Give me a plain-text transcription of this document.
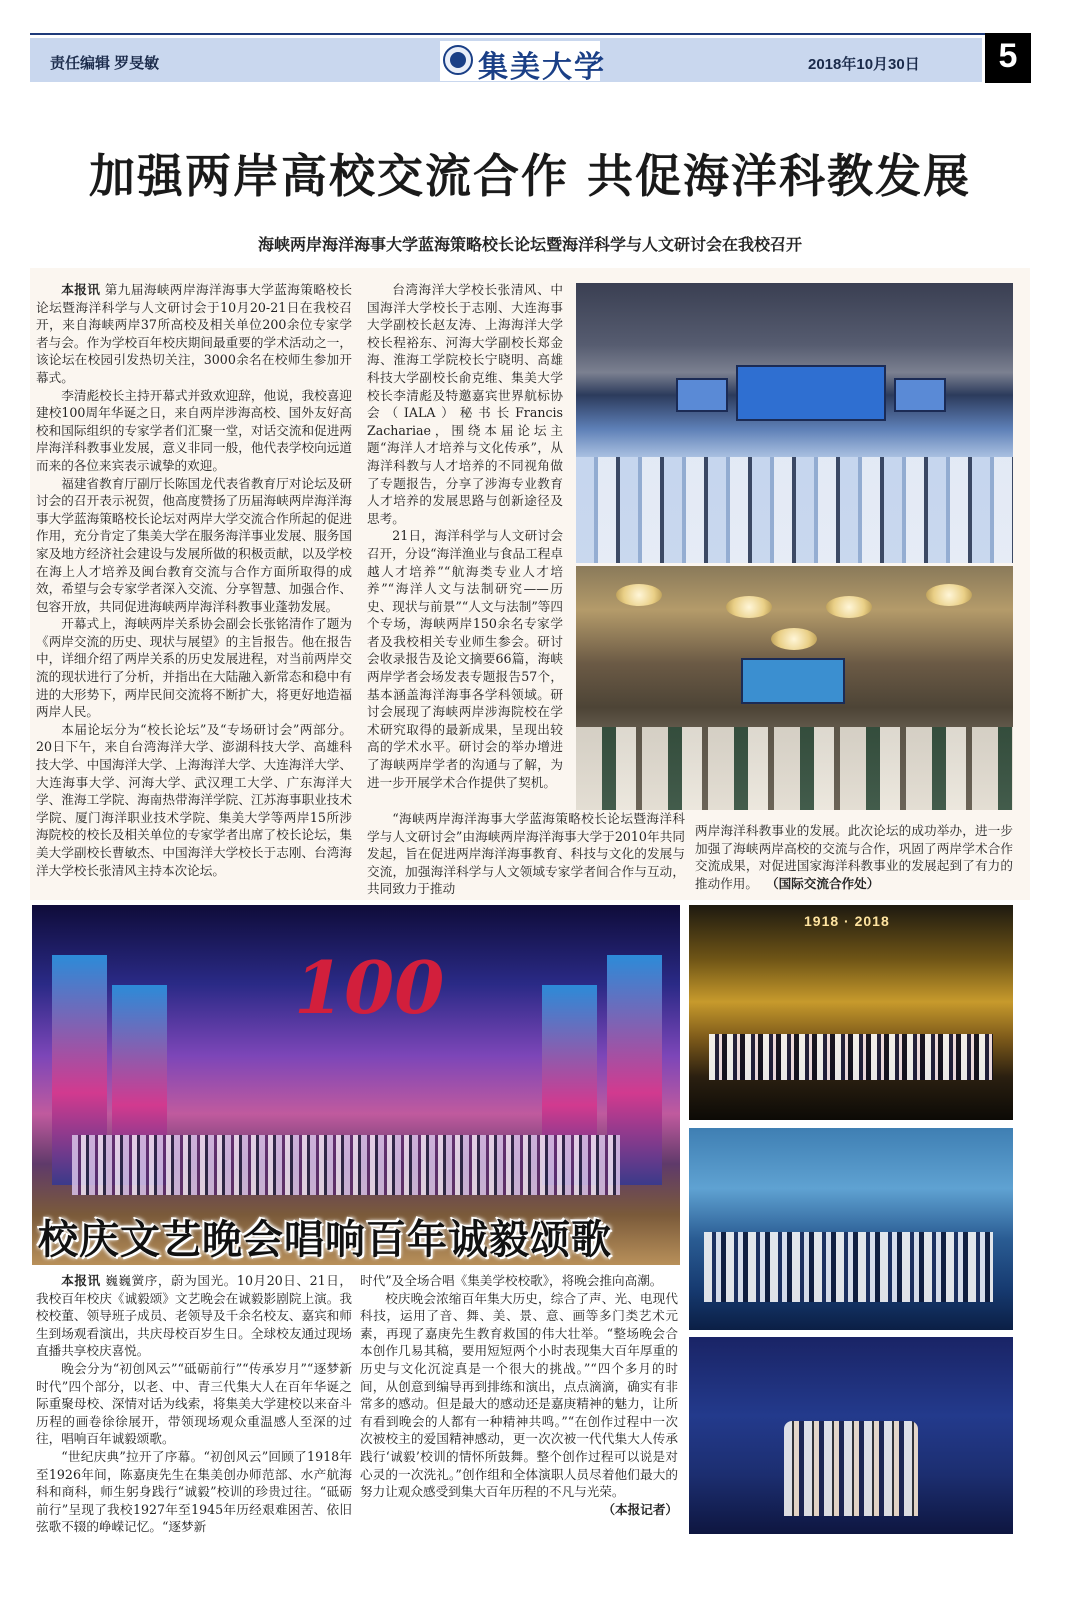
责任编辑 罗旻敏	集美大学	2018年10月30日	5
加强两岸高校交流合作 共促海洋科教发展
海峡两岸海洋海事大学蓝海策略校长论坛暨海洋科学与人文研讨会在我校召开

本报讯 第九届海峡两岸海洋海事大学蓝海策略校长论坛暨海洋科学与人文研讨会于10月20-21日在我校召开，来自海峡两岸37所高校及相关单位200余位专家学者与会。作为学校百年校庆期间最重要的学术活动之一，该论坛在校园引发热切关注，3000余名在校师生参加开幕式。

李清彪校长主持开幕式并致欢迎辞，他说，我校喜迎建校100周年华诞之日，来自两岸涉海高校、国外友好高校和国际组织的专家学者们汇聚一堂，对话交流和促进两岸海洋科教事业发展，意义非同一般，他代表学校向远道而来的各位来宾表示诚挚的欢迎。

福建省教育厅副厅长陈国龙代表省教育厅对论坛及研讨会的召开表示祝贺，他高度赞扬了历届海峡两岸海洋海事大学蓝海策略校长论坛对两岸大学交流合作所起的促进作用，充分肯定了集美大学在服务海洋事业发展、服务国家及地方经济社会建设与发展所做的积极贡献，以及学校在海上人才培养及闽台教育交流与合作方面所取得的成效，希望与会专家学者深入交流、分享智慧、加强合作、包容开放，共同促进海峡两岸海洋科教事业蓬勃发展。

开幕式上，海峡两岸关系协会副会长张铭清作了题为《两岸交流的历史、现状与展望》的主旨报告。他在报告中，详细介绍了两岸关系的历史发展进程，对当前两岸交流的现状进行了分析，并指出在大陆融入新常态和稳中有进的大形势下，两岸民间交流将不断扩大，将更好地造福两岸人民。

本届论坛分为“校长论坛”及“专场研讨会”两部分。20日下午，来自台湾海洋大学、澎湖科技大学、高雄科技大学、中国海洋大学、上海海洋大学、大连海洋大学、大连海事大学、河海大学、武汉理工大学、广东海洋大学、淮海工学院、海南热带海洋学院、江苏海事职业技术学院、厦门海洋职业技术学院、集美大学等两岸15所涉海院校的校长及相关单位的专家学者出席了校长论坛，集美大学副校长曹敏杰、中国海洋大学校长于志刚、台湾海洋大学校长张清风主持本次论坛。

台湾海洋大学校长张清风、中国海洋大学校长于志刚、大连海事大学副校长赵友涛、上海海洋大学校长程裕东、河海大学副校长郑金海、淮海工学院校长宁晓明、高雄科技大学副校长俞克维、集美大学校长李清彪及特邀嘉宾世界航标协会（IALA）秘书长Francis Zachariae，围绕本届论坛主题“海洋人才培养与文化传承”，从海洋科教与人才培养的不同视角做了专题报告，分享了涉海专业教育人才培养的发展思路与创新途径及思考。

21日，海洋科学与人文研讨会召开，分设“海洋渔业与食品工程卓越人才培养”“航海类专业人才培养”“海洋人文与法制研究——历史、现状与前景”“人文与法制”等四个专场，海峡两岸150余名专家学者及我校相关专业师生参会。研讨会收录报告及论文摘要66篇，海峡两岸学者会场发表专题报告57个，基本涵盖海洋海事各学科领域。研讨会展现了海峡两岸涉海院校在学术研究取得的最新成果，呈现出较高的学术水平。研讨会的举办增进了海峡两岸学者的沟通与了解，为进一步开展学术合作提供了契机。

“海峡两岸海洋海事大学蓝海策略校长论坛暨海洋科学与人文研讨会”由海峡两岸海洋海事大学于2010年共同发起，旨在促进两岸海洋海事教育、科技与文化的发展与交流，加强海洋科学与人文领域专家学者间合作与互动，共同致力于推动

两岸海洋科教事业的发展。此次论坛的成功举办，进一步加强了海峡两岸高校的交流与合作，巩固了两岸学术合作交流成果，对促进国家海洋科教事业的发展起到了有力的推动作用。 （国际交流合作处）

100
校庆文艺晚会唱响百年诚毅颂歌
1918 · 2018

本报讯 巍巍黉序，蔚为国光。10月20日、21日，我校百年校庆《诚毅颂》文艺晚会在诚毅影剧院上演。我校校董、领导班子成员、老领导及千余名校友、嘉宾和师生到场观看演出，共庆母校百岁生日。全球校友通过现场直播共享校庆喜悦。

晚会分为“初创风云”“砥砺前行”“传承岁月”“逐梦新时代”四个部分，以老、中、青三代集大人在百年华诞之际重聚母校、深情对话为线索，将集美大学建校以来奋斗历程的画卷徐徐展开，带领现场观众重温感人至深的过往，唱响百年诚毅颂歌。

“世纪庆典”拉开了序幕。“初创风云”回顾了1918年至1926年间，陈嘉庚先生在集美创办师范部、水产航海科和商科，师生躬身践行“诚毅”校训的珍贵过往。“砥砺前行”呈现了我校1927年至1945年历经艰难困苦、依旧弦歌不辍的峥嵘记忆。“逐梦新

时代”及全场合唱《集美学校校歌》，将晚会推向高潮。

校庆晚会浓缩百年集大历史，综合了声、光、电现代科技，运用了音、舞、美、景、意、画等多门类艺术元素，再现了嘉庚先生教育救国的伟大壮举。“整场晚会合本创作几易其稿，要用短短两个小时表现集大百年厚重的历史与文化沉淀真是一个很大的挑战。”“四个多月的时间，从创意到编导再到排练和演出，点点滴滴，确实有非常多的感动。但是最大的感动还是嘉庚精神的魅力，让所有看到晚会的人都有一种精神共鸣。”“在创作过程中一次次被校主的爱国精神感动，更一次次被一代代集大人传承践行‘诚毅’校训的情怀所鼓舞。整个创作过程可以说是对心灵的一次洗礼。”创作组和全体演职人员尽着他们最大的努力让观众感受到集大百年历程的不凡与光荣。

（本报记者）
